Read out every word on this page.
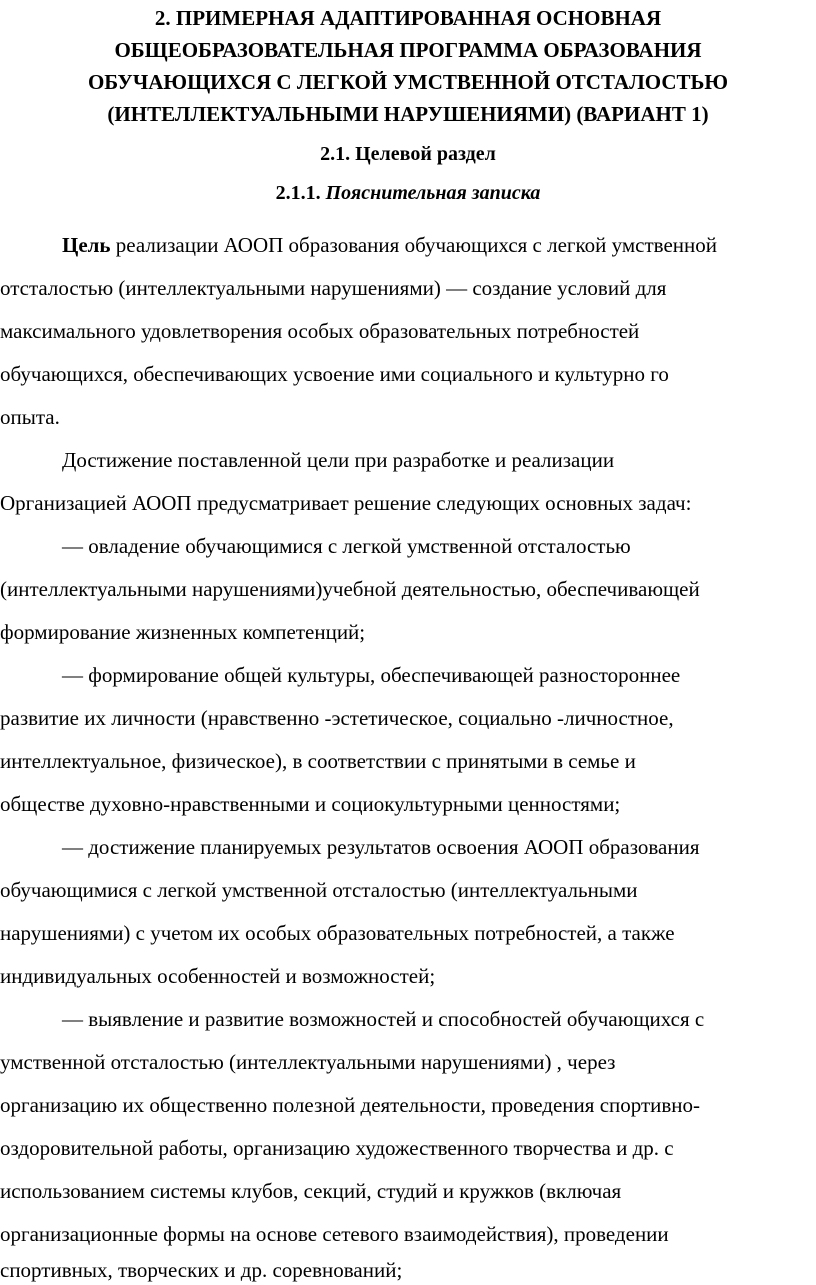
2. ПРИМЕРНАЯ АДАПТИРОВАННАЯ ОСНОВНАЯ
ОБЩЕОБРАЗОВАТЕЛЬНАЯ ПРОГРАММА ОБРАЗОВАНИЯ
ОБУЧАЮЩИХСЯ С ЛЕГКОЙ УМСТВЕННОЙ ОТСТАЛОСТЬЮ
(ИНТЕЛЛЕКТУАЛЬНЫМИ НАРУШЕНИЯМИ) (ВАРИАНТ 1)
2.1. Целевой раздел
2.1.1. Пояснительная записка
Цель реализации АООП образования обучающихся с легкой умственной
отсталостью (интеллектуальными нарушениями) — создание условий для
максимального удовлетворения особых образовательных потребностей
обучающихся, обеспечивающих усвоение ими социального и культурно го
опыта.
Достижение поставленной цели при разработке и реализации
Организацией АООП предусматривает решение следующих основных задач:
― овладение обучающимися с легкой умственной отсталостью
(интеллектуальными нарушениями)учебной деятельностью, обеспечивающей
формирование жизненных компетенций;
― формирование общей культуры, обеспечивающей разностороннее
развитие их личности (нравственно -эстетическое, социально -личностное,
интеллектуальное, физическое), в соответствии с принятыми в семье и
обществе духовно-нравственными и социокультурными ценностями;
― достижение планируемых результатов освоения АООП образования
обучающимися с легкой умственной отсталостью (интеллектуальными
нарушениями) с учетом их особых образовательных потребностей, а также
индивидуальных особенностей и возможностей;
― выявление и развитие возможностей и способностей обучающихся с
умственной отсталостью (интеллектуальными нарушениями) , через
организацию их общественно полезной деятельности, проведения спортивно-
оздоровительной работы, организацию художественного творчества и др. с
использованием системы клубов, секций, студий и кружков (включая
организационные формы на основе сетевого взаимодействия), проведении
спортивных, творческих и др. соревнований;
